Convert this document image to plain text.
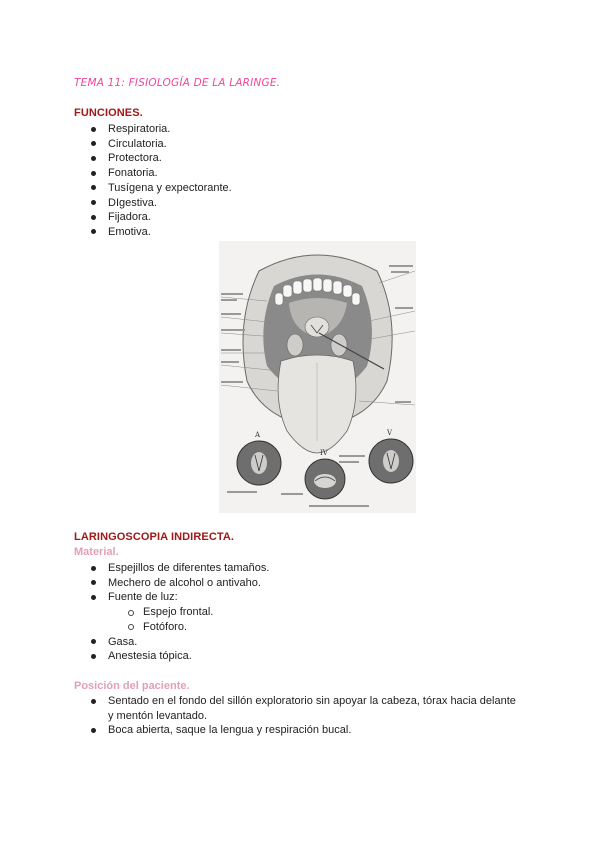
TEMA 11: FISIOLOGÍA DE LA LARINGE.
FUNCIONES.
Respiratoria.
Circulatoria.
Protectora.
Fonatoria.
Tusígena y expectorante.
DIgestiva.
Fijadora.
Emotiva.
A
IV
V
LARINGOSCOPIA INDIRECTA.
Material.
Espejillos de diferentes tamaños.
Mechero de alcohol o antivaho.
Fuente de luz:
Espejo frontal.
Fotóforo.
Gasa.
Anestesia tópica.
Posición del paciente.
Sentado en el fondo del sillón exploratorio sin apoyar la cabeza, tórax hacia delante y mentón levantado.
Boca abierta, saque la lengua y respiración bucal.
